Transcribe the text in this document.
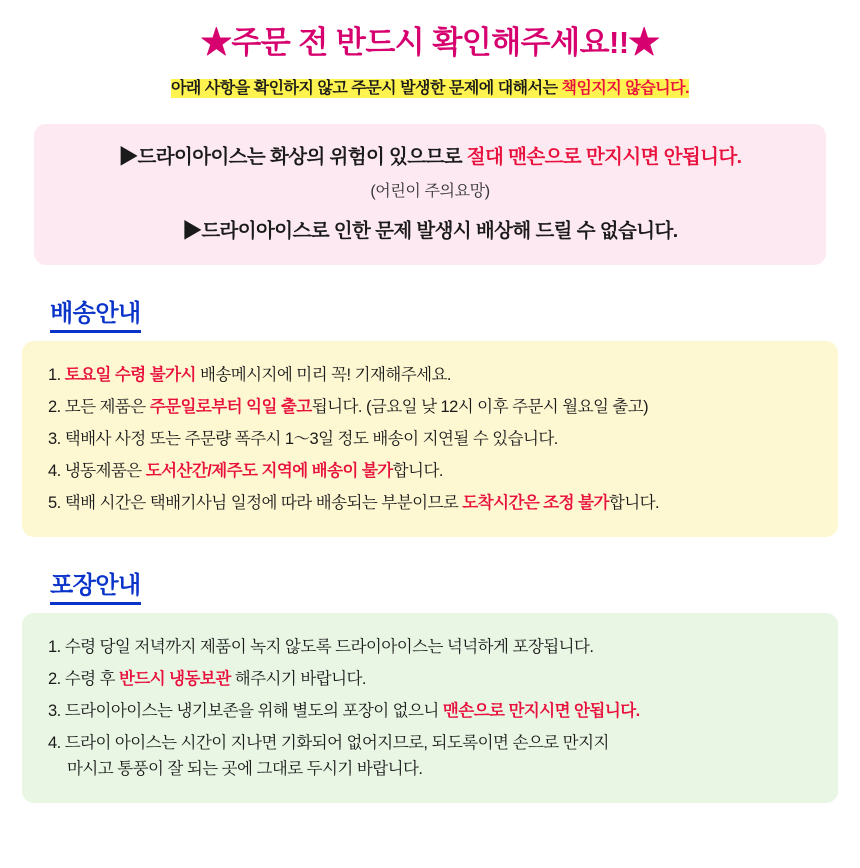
★주문 전 반드시 확인해주세요!!★
아래 사항을 확인하지 않고 주문시 발생한 문제에 대해서는 책임지지 않습니다.
▶드라이아이스는 화상의 위험이 있으므로 절대 맨손으로 만지시면 안됩니다.
(어린이 주의요망)
▶드라이아이스로 인한 문제 발생시 배상해 드릴 수 없습니다.
배송안내
1. 토요일 수령 불가시 배송메시지에 미리 꼭! 기재해주세요.
2. 모든 제품은 주문일로부터 익일 출고됩니다. (금요일 낮 12시 이후 주문시 월요일 출고)
3. 택배사 사정 또는 주문량 폭주시 1〜3일 정도 배송이 지연될 수 있습니다.
4. 냉동제품은 도서산간/제주도 지역에 배송이 불가합니다.
5. 택배 시간은 택배기사님 일정에 따라 배송되는 부분이므로 도착시간은 조정 불가합니다.
포장안내
1. 수령 당일 저녁까지 제품이 녹지 않도록 드라이아이스는 넉넉하게 포장됩니다.
2. 수령 후 반드시 냉동보관 해주시기 바랍니다.
3. 드라이아이스는 냉기보존을 위해 별도의 포장이 없으니 맨손으로 만지시면 안됩니다.
4. 드라이 아이스는 시간이 지나면 기화되어 없어지므로, 되도록이면 손으로 만지지
마시고 통풍이 잘 되는 곳에 그대로 두시기 바랍니다.
